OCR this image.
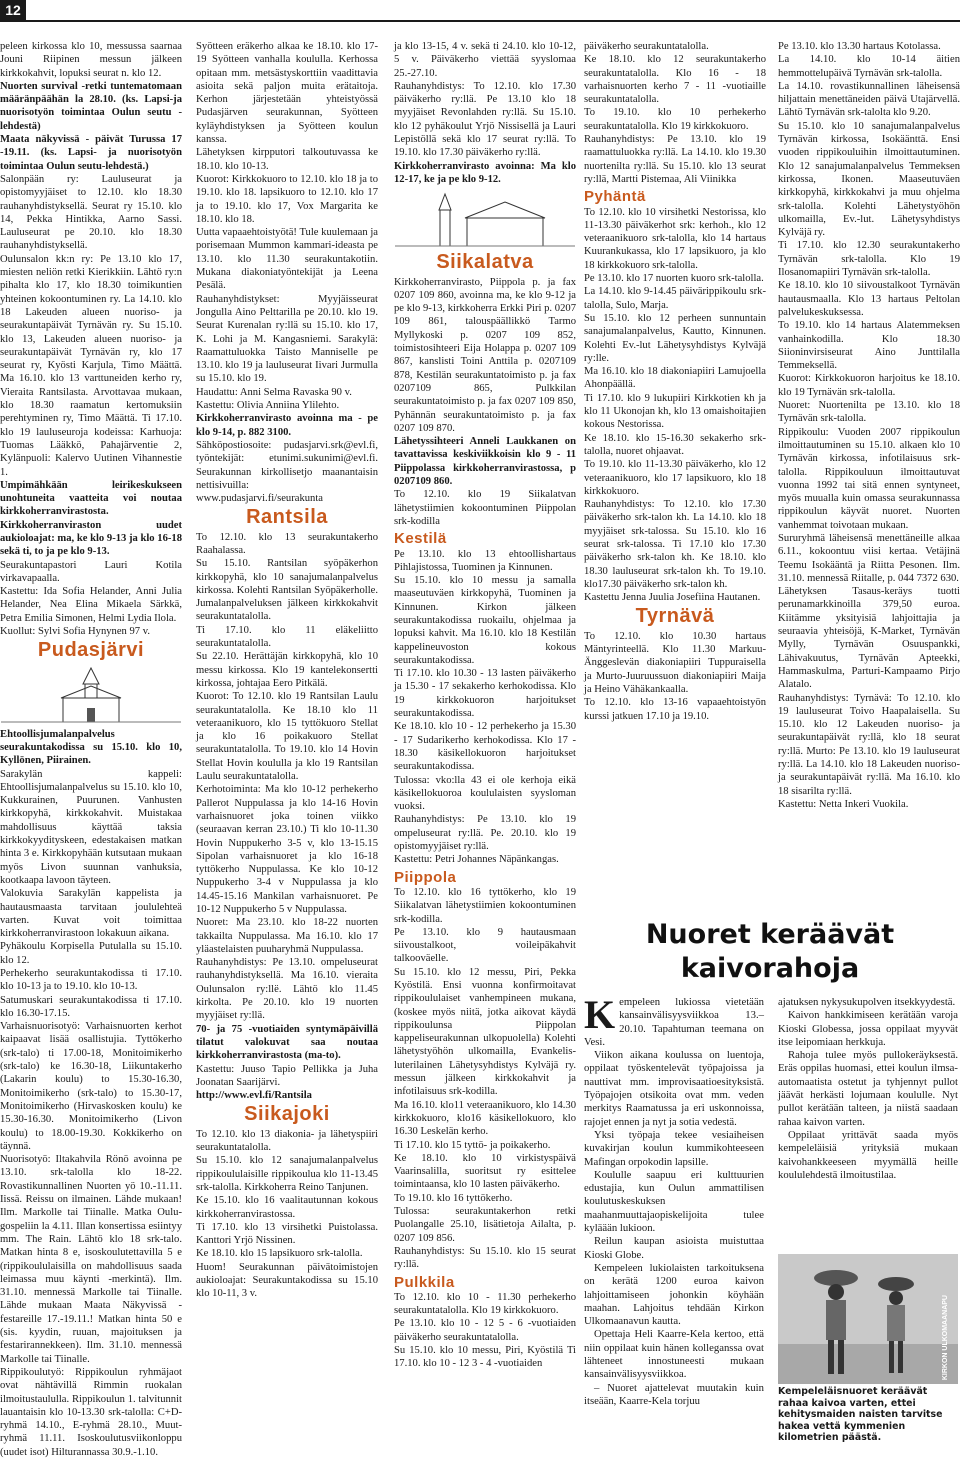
12

peleen kirkossa klo 10, messussa saarnaa Jouni Riipinen messun jälkeen kirkkokahvit, lopuksi seurat n. klo 12.

Nuorten survival -retki tuntematomaan määränpäähän la 28.10. (ks. Lapsi-ja nuorisotyön toimintaa Oulun seutu -lehdestä)

Maata näkyvissä - päivät Turussa 17 -19.11. (ks. Lapsi- ja nuorisotyön toimintaa Oulun seutu-lehdestä.)

Salonpään ry: Lauluseurat ja opistomyyjäiset to 12.10. klo 18.30 rauhanyhdistyksellä. Seurat ry 15.10. klo 14, Pekka Hintikka, Aarno Sassi. Lauluseurat pe 20.10. klo 18.30 rauhanyhdistyksellä.

Oulunsalon kk:n ry: Pe 13.10 klo 17, miesten neliön retki Kierikkiin. Lähtö ry:n pihalta klo 17, klo 18.30 toimikuntien yhteinen kokoontuminen ry. La 14.10. klo 18 Lakeuden alueen nuoriso- ja seurakuntapäivät Tyrnävän ry. Su 15.10. klo 13, Lakeuden alueen nuoriso- ja seurakuntapäivät Tyrnävän ry, klo 17 seurat ry, Kyösti Karjula, Timo Määttä. Ma 16.10. klo 13 varttuneiden kerho ry, Vieraita Rantsilasta. Arvottavaa mukaan, klo 18.30 raamatun kertomuksiin perehtyminen ry, Timo Määttä. Ti 17.10. klo 19 lauluseuroja kodeissa: Karhuoja: Tuomas Lääkkö, Pahajärventie 2, Kylänpuoli: Kalervo Uutinen Vihannestie 1.

Umpimähkään leirikeskukseen unohtuneita vaatteita voi noutaa kirkkoherranvirastosta.

Kirkkoherranviraston uudet aukioloajat: ma, ke klo 9-13 ja klo 16-18 sekä ti, to ja pe klo 9-13.

Seurakuntapastori Lauri Kotila virkavapaalla.

Kastettu: Ida Sofia Helander, Anni Julia Helander, Nea Elina Mikaela Särkkä, Petra Emilia Simonen, Helmi Lydia Ilola.

Kuollut: Sylvi Sofia Hynynen 97 v.

Pudasjärvi

Ehtoollisjumalanpalvelus seurakuntakodissa su 15.10. klo 10, Kyllönen, Piirainen.

Sarakylän kappeli: Ehtoollisjumalanpalvelus su 15.10. klo 10, Kukkurainen, Puurunen. Vanhusten kirkkopyhä, kirkkokahvit. Muistakaa mahdollisuus käyttää taksia kirkkokyydityskeen, edestakaisen matkan hinta 3 e. Kirkkopyhään kutsutaan mukaan myös Livon suunnan vanhuksia, kootkaapa lavoon täyteen.

Valokuvia Sarakylän kappelista ja hautausmaasta tarvitaan joululehteä varten. Kuvat voit toimittaa kirkkoherranvirastoon lokakuun aikana.

Pyhäkoulu Korpisella Putulalla su 15.10. klo 12.

Perhekerho seurakuntakodissa ti 17.10. klo 10-13 ja to 19.10. klo 10-13.

Satumuskari seurakuntakodissa ti 17.10. klo 16.30-17.15.

Varhaisnuorisotyö: Varhaisnuorten kerhot kaipaavat lisää osallistujia. Tyttökerho (srk-talo) ti 17.00-18, Monitoimikerho (srk-talo) ke 16.30-18, Liikuntakerho (Lakarin koulu) to 15.30-16.30, Monitoimikerho (srk-talo) to 15.30-17, Monitoimikerho (Hirvaskosken koulu) ke 15.30-16.30. Monitoimikerho (Livon koulu) to 18.00-19.30. Kokkikerho on täynnä.

Nuorisotyö: Iltakahvila Rönö avoinna pe 13.10. srk-talolla klo 18-22. Rovastikunnallinen Nuorten yö 10.-11.11. Iissä. Reissu on ilmainen. Lähde mukaan! Ilm. Markolle tai Tiinalle. Matka Oulu-gospeliin la 4.11. Illan konsertissa esiintyy mm. The Rain. Lähtö klo 18 srk-talo. Matkan hinta 8 e, isoskoulutettavilla 5 e (rippikoululaisilla on mahdollisuus saada leimassa muu käynti -merkintä). Ilm. 31.10. mennessä Markolle tai Tiinalle. Lähde mukaan Maata Näkyvissä -festareille 17.-19.11.! Matkan hinta 50 e (sis. kyydin, ruuan, majoituksen ja festarirannekkeen). Ilm. 31.10. mennessä Markolle tai Tiinalle.

Rippikoulutyö: Rippikoulun ryhmäjaot ovat nähtävillä Rimmin ruokalan ilmoitustaululla. Rippikoulun 1. talvitunnit lauantaisin klo 10-13.30 srk-talolla: C+D-ryhmä 14.10., E-ryhmä 28.10., Muut-ryhmä 11.11. Isoskoulutusviikonloppu (uudet isot) Hilturannassa 30.9.-1.10.

Syötteen eräkerho alkaa ke 18.10. klo 17-19 Syötteen vanhalla koululla. Kerhossa opitaan mm. metsästyskorttiin vaadittavia asioita sekä paljon muita erätaitoja. Kerhon järjestetään yhteistyössä Pudasjärven seurakunnan, Syötteen kyläyhdistyksen ja Syötteen koulun kanssa.

Lähetyksen kirpputori talkoutuvassa ke 18.10. klo 10-13.

Kuorot: Kirkkokuoro to 12.10. klo 18 ja to 19.10. klo 18. lapsikuoro to 12.10. klo 17 ja to 19.10. klo 17, Vox Margarita ke 18.10. klo 18.

Uutta vapaaehtoistyötä! Tule kuulemaan ja porisemaan Mummon kammari-ideasta pe 13.10. klo 11.30 seurakuntakotiin. Mukana diakoniatyöntekijät ja Leena Pesälä.

Rauhanyhdistykset: Myyjäisseurat Jongulla Aino Pelttarilla pe 20.10. klo 19. Seurat Kurenalan ry:llä su 15.10. klo 17, K. Lohi ja M. Kangasniemi. Sarakylä: Raamattuluokka Taisto Manniselle pe 13.10. klo 19 ja lauluseurat Iivari Jurmulla su 15.10. klo 19.

Haudattu: Anni Selma Ravaska 90 v.

Kastettu: Olivia Anniina Ylilehto.

Kirkkoherranvirasto avoinna ma - pe klo 9-14, p. 882 3100.

Sähköpostiosoite: pudasjarvi.srk@evl.fi, työntekijät: etunimi.sukunimi@evl.fi. Seurakunnan kirkollisetjo maanantaisin nettisivuilla: www.pudasjarvi.fi/seurakunta

Rantsila

To 12.10. klo 13 seurakuntakerho Raahalassa.

Su 15.10. Rantsilan syöpäkerhon kirkkopyhä, klo 10 sanajumalanpalvelus kirkossa. Kolehti Rantsilan Syöpäkerholle. Jumalanpalveluksen jälkeen kirkkokahvit seurakuntatalolla.

Ti 17.10. klo 11 eläkeliitto seurakuntatalolla.

Su 22.10. Herättäjän kirkkopyhä, klo 10 messu kirkossa. Klo 19 kantelekonsertti kirkossa, johtajaa Eero Pitkälä.

Kuorot: To 12.10. klo 19 Rantsilan Laulu seurakuntatalolla. Ke 18.10 klo 11 veteraanikuoro, klo 15 tyttökuoro Stellat ja klo 16 poikakuoro Stellat seurakuntatalolla. To 19.10. klo 14 Hovin Stellat Hovin koululla ja klo 19 Rantsilan Laulu seurakuntatalolla.

Kerhotoiminta: Ma klo 10-12 perhekerho Pallerot Nuppulassa ja klo 14-16 Hovin varhaisnuoret joka toinen viikko (seuraavan kerran 23.10.) Ti klo 10-11.30 Hovin Nuppukerho 3-5 v, klo 13-15.15 Sipolan varhaisnuoret ja klo 16-18 tyttökerho Nuppulassa. Ke klo 10-12 Nuppukerho 3-4 v Nuppulassa ja klo 14.45-15.16 Mankilan varhaisnuoret. Pe 10-12 Nuppukerho 5 v Nuppulassa.

Nuoret: Ma 23.10. klo 18-22 nuorten takkailta Nuppulassa. Ma 16.10. klo 17 yläastelaisten puuharyhmä Nuppulassa.

Rauhanyhdistys: Pe 13.10. ompeluseurat rauhanyhdistyksellä. Ma 16.10. vieraita Oulunsalon ry:llë. Lähtö klo 11.45 kirkolta. Pe 20.10. klo 19 nuorten myyjäiset ry:llä.

70- ja 75 -vuotiaiden syntymäpäivillä tilatut valokuvat saa noutaa kirkkoherranvirastosta (ma-to).

Kastettu: Juuso Tapio Pellikka ja Juha Joonatan Saarijärvi.

http://www.evl.fi/Rantsila

Siikajoki

To 12.10. klo 13 diakonia- ja lähetyspiiri seurakuntatalolla.

Su 15.10. klo 12 sanajumalanpalvelus rippikoululaisille rippikoulua klo 11-13.45 srk-talolla. Kirkkoherra Reino Tanjunen.

Ke 15.10. klo 16 vaalitautunnan kokous kirkkoherranvirastossa.

Ti 17.10. klo 13 virsihetki Puistolassa. Kanttori Yrjö Nissinen.

Ke 18.10. klo 15 lapsikuoro srk-talolla.

Huom! Seurakunnan päivätoimistojen aukioloajat: Seurakuntakodissa su 15.10 klo 10-11, 3 v.

ja klo 13-15, 4 v. sekä ti 24.10. klo 10-12, 5 v. Päiväkerho viettää syyslomaa 25.-27.10.

Rauhanyhdistys: To 12.10. klo 17.30 päiväkerho ry:llä. Pe 13.10 klo 18 myyjäiset Revonlahden ry:llä. Su 15.10. klo 12 pyhäkoulut Yrjö Nissisellä ja Lauri Lepistöllä sekä klo 17 seurat ry:llä. To 19.10. klo 17.30 päiväkerho ry:llä.

Kirkkoherranvirasto avoinna: Ma klo 12-17, ke ja pe klo 9-12.

Siikalatva

Kirkkoherranvirasto, Piippola p. ja fax 0207 109 860, avoinna ma, ke klo 9-12 ja pe klo 9-13, kirkkoherra Erkki Piri p. 0207 109 861, talouspäällikkö Tarmo Myllykoski p. 0207 109 852, toimistosihteeri Eija Holappa p. 0207 109 867, kanslisti Toini Anttila p. 0207109 878, Kestilän seurakuntatoimisto p. ja fax 0207109 865, Pulkkilan seurakuntatoimisto p. ja fax 0207 109 850, Pyhännän seurakuntatoimisto p. ja fax 0207 109 870.

Lähetyssihteeri Anneli Laukkanen on tavattavissa keskiviikkoisin klo 9 - 11 Piippolassa kirkkoherranvirastossa, p 0207109 860.

To 12.10. klo 19 Siikalatvan lähetystiimien kokoontuminen Piippolan srk-kodilla

Kestilä

Pe 13.10. klo 13 ehtoollishartaus Pihlajistossa, Tuominen ja Kinnunen.

Su 15.10. klo 10 messu ja samalla maaseutuväen kirkkopyhä, Tuominen ja Kinnunen. Kirkon jälkeen seurakuntakodissa ruokailu, ohjelmaa ja lopuksi kahvit. Ma 16.10. klo 18 Kestilän kappelineuvoston kokous seurakuntakodissa.

Ti 17.10. klo 10.30 - 13 lasten päiväkerho ja 15.30 - 17 sekakerho kerhokodissa. Klo 19 kirkkokuoron harjoitukset seurakuntakodissa.

Ke 18.10. klo 10 - 12 perhekerho ja 15.30 - 17 Sudarikerho kerhokodissa. Klo 17 - 18.30 käsikellokuoron harjoitukset seurakuntakodissa.

Tulossa: vko:lla 43 ei ole kerhoja eikä käsikellokuoroa koululaisten syysloman vuoksi.

Rauhanyhdistys: Pe 13.10. klo 19 ompeluseurat ry:llä. Pe. 20.10. klo 19 opistomyyjäiset ry:llä.

Kastettu: Petri Johannes Näpänkangas.

Piippola

To 12.10. klo 16 tyttökerho, klo 19 Siikalatvan lähetystiimien kokoontuminen srk-kodilla.

Pe 13.10. klo 9 hautausmaan siivoustalkoot, voileipäkahvit talkooväelle.

Su 15.10. klo 12 messu, Piri, Pekka Kyöstilä. Ensi vuonna konfirmoitavat rippikoululaiset vanhempineen mukana, (koskee myös niitä, jotka aikovat käydä rippikoulunsa Piippolan kappeliseurakunnan ulkopuolella) Kolehti lähetystyöhön ulkomailla, Evankelis- luterilainen Lähetysyhdistys Kylväjä ry. messun jälkeen kirkkokahvit ja infotilaisuus srk-kodilla.

Ma 16.10. klo11 veteraanikuoro, klo 14.30 kirkkokuoro, klo16 käsikellokuoro, klo 16.30 Leskelän kerho.

Ti 17.10. klo 15 tyttö- ja poikakerho.

Ke 18.10. klo 10 virkistyspäivä Vaarinsalilla, suoritsut ry esittelee toimintaansa, klo 10 lasten päiväkerho.

To 19.10. klo 16 tyttökerho.

Tulossa: seurakuntakerhon retki Puolangalle 25.10, lisätietoja Ailalta, p. 0207 109 856.

Rauhanyhdistys: Su 15.10. klo 15 seurat ry:llä.

Pulkkila

To 12.10. klo 10 - 11.30 perhekerho seurakuntatalolla. Klo 19 kirkkokuoro.

Pe 13.10. klo 10 - 12 5 - 6 -vuotiaiden päiväkerho seurakuntatalolla.

Su 15.10. klo 10 messu, Piri, Kyöstilä Ti 17.10. klo 10 - 12 3 - 4 -vuotiaiden

päiväkerho seurakuntatalolla.

Ke 18.10. klo 12 seurakuntakerho seurakuntatalolla. Klo 16 - 18 varhaisnuorten kerho 7 - 11 -vuotiaille seurakuntatalolla.

To 19.10. klo 10 perhekerho seurakuntatalolla. Klo 19 kirkkokuoro.

Rauhanyhdistys: Pe 13.10. klo 19 raamattuluokka ry:llä. La 14.10. klo 19.30 nuortenilta ry:llä. Su 15.10. klo 13 seurat ry:llä, Martti Pistemaa, Ali Viinikka

Pyhäntä

To 12.10. klo 10 virsihetki Nestorissa, klo 11-13.30 päiväkerhot srk: kerhoh., klo 12 veteraanikuoro srk-talolla, klo 14 hartaus Kuurankukassa, klo 17 lapsikuoro, ja klo 18 kirkkokuoro srk-talolla.

Pe 13.10. klo 17 nuorten kuoro srk-talolla.

La 14.10. klo 9-14.45 päivärippikoulu srk-talolla, Sulo, Marja.

Su 15.10. klo 12 perheen sunnuntain sanajumalanpalvelus, Kautto, Kinnunen. Kolehti Ev.-lut Lähetysyhdistys Kylväjä ry:lle.

Ma 16.10. klo 18 diakoniapiiri Lamujoella Ahonpäällä.

Ti 17.10. klo 9 lukupiiri Kirkkotien kh ja klo 11 Ukonojan kh, klo 13 omaishoitajien kokous Nestorissa.

Ke 18.10. klo 15-16.30 sekakerho srk-talolla, nuoret ohjaavat.

To 19.10. klo 11-13.30 päiväkerho, klo 12 veteraanikuoro, klo 17 lapsikuoro, klo 18 kirkkokuoro.

Rauhanyhdistys: To 12.10. klo 17.30 päiväkerho srk-talon kh. La 14.10. klo 18 myyjäiset srk-talossa. Su 15.10. klo 16 seurat srk-talossa. Ti 17.10 klo 17.30 päiväkerho srk-talon kh. Ke 18.10. klo 18.30 lauluseurat srk-talon kh. To 19.10. klo17.30 päiväkerho srk-talon kh.

Kastettu Jenna Juulia Josefiina Hautanen.

Tyrnävä

To 12.10. klo 10.30 hartaus Mäntyrinteellä. Klo 11.30 Markuu-Änggeslevän diakoniapiiri Tuppuraisella ja Murto-Juuruussuon diakoniapiiri Maija ja Heino Vähäkankaalla.

To 12.10. klo 13-16 vapaaehtoistyön kurssi jatkuen 17.10 ja 19.10.

Pe 13.10. klo 13.30 hartaus Kotolassa.

La 14.10. klo 10-14 äitien hemmottelupäivä Tyrnävän srk-talolla.

La 14.10. rovastikunnallinen läheisensä hiljattain menettäneiden päivä Utajärvellä. Lähtö Tyrnävän srk-talolta klo 9.20.

Su 15.10. klo 10 sanajumalanpalvelus Tyrnävän kirkossa, Isokäänttä. Ensi vuoden rippikouluihin ilmoittautuminen. Klo 12 sanajumalanpalvelus Temmeksen kirkossa, Ikonen. Maaseutuväen kirkkopyhä, kirkkokahvi ja muu ohjelma srk-talolla. Kolehti Lähetystyöhön ulkomailla, Ev.-lut. Lähetysyhdistys Kylväjä ry.

Ti 17.10. klo 12.30 seurakuntakerho Tyrnävän srk-talolla. Klo 19 Ilosanomapiiri Tyrnävän srk-talolla.

Ke 18.10. klo 10 siivoustalkoot Tyrnävän hautausmaalla. Klo 13 hartaus Peltolan palvelukeskuksessa.

To 19.10. klo 14 hartaus Alatemmeksen vanhainkodilla. Klo 18.30 Siioninvirsiseurat Aino Junttilalla Temmeksellä.

Kuorot: Kirkkokuoron harjoitus ke 18.10. klo 19 Tyrnävän srk-talolla.

Nuoret: Nuortenilta pe 13.10. klo 18 Tyrnävän srk-talolla.

Rippikoulu: Vuoden 2007 rippikoulun ilmoittautuminen su 15.10. alkaen klo 10 Tyrnävän kirkossa, infotilaisuus srk-talolla. Rippikouluun ilmoittautuvat vuonna 1992 tai sitä ennen syntyneet, myös muualla kuin omassa seurakunnassa rippikoulun käyvät nuoret. Nuorten vanhemmat toivotaan mukaan.

Sururyhmä läheisensä menettäneille alkaa 6.11., kokoontuu viisi kertaa. Vetäjinä Teemu Isokääntä ja Riitta Pesonen. Ilm. 31.10. mennessä Riitalle, p. 044 7372 630.

Lähetyksen Tasaus-keräys tuotti perunamarkkinoilla 379,50 euroa. Kiitämme yksityisiä lahjoittajia ja seuraavia yhteisöjä, K-Market, Tyrnävän Mylly, Tyrnävän Osuuspankki, Lähivakuutus, Tyrnävän Apteekki, Hammaskulma, Parturi-Kampaamo Pirjo Alatalo.

Rauhanyhdistys: Tyrnävä: To 12.10. klo 19 lauluseurat Toivo Haapalaisella. Su 15.10. klo 12 Lakeuden nuoriso- ja seurakuntapäivät ry:llä, klo 18 seurat ry:llä. Murto: Pe 13.10. klo 19 lauluseurat ry:llä. La 14.10. klo 18 Lakeuden nuoriso- ja seurakuntapäivät ry:llä. Ma 16.10. klo 18 sisarilta ry:llä.

Kastettu: Netta Inkeri Vuokila.

Nuoret keräävät
kaivorahoja
K empeleen lukiossa vietetään kansainvälisyysviikkoa 13.–20.10. Tapahtuman teemana on Vesi.

Viikon aikana koulussa on luentoja, oppilaat työskentelevät työpajoissa ja nauttivat mm. improvisaatioesityksistä. Työpajojen otsikoita ovat mm. veden merkitys Raamatussa ja eri uskonnoissa, rajojet ennen ja nyt ja sotia vedestä.

Yksi työpaja tekee vesiaiheisen kuvakirjan koulun kummikohteeseen Mafingan orpokodin lapsille.

Koululle saapuu eri kulttuurien edustajia, kun Oulun ammattilisen koulutuskeskuksen maahanmuuttajaopiskelijoita tulee kyläään lukioon.

Reilun kaupan asioista muistuttaa Kioski Globe.

Kempeleen lukiolaisten tarkoituksena on kerätä 1200 euroa kaivon lahjoittamiseen johonkin köyhään maahan. Lahjoitus tehdään Kirkon Ulkomaanavun kautta.

Opettaja Heli Kaarre-Kela kertoo, että niin oppilaat kuin hänen kolleganssa ovat lähteneet innostuneesti mukaan kansainvälisyysviikkoa.

– Nuoret ajattelevat muutakin kuin itseään, Kaarre-Kela torjuu

ajatuksen nykysukupolven itsekkyydestä.

Kaivon hankkimiseen kerätään varoja Kioski Globessa, jossa oppilaat myyvät itse leipomiaan herkkuja.

Rahoja tulee myös pullokeräyksestä. Eräs oppilas huomasi, ettei koulun ilmsa-automaatista ostetut ja tyhjennyt pullot jäävät herkästi lojumaan koululle. Nyt pullot kerätään talteen, ja niistä saadaan rahaa kaivon varten.

Oppilaat yrittävät saada myös kempeleläisiä yrityksiä mukaan kaivohankkeeseen myymällä heille koululehdestä ilmoitustilaa.

KIRKON ULKOMAANAPU
Kempeleläisnuoret keräävät rahaa kaivoa varten, ettei kehitysmaiden naisten tarvitse hakea vettä kymmenien kilometrien päästä.
